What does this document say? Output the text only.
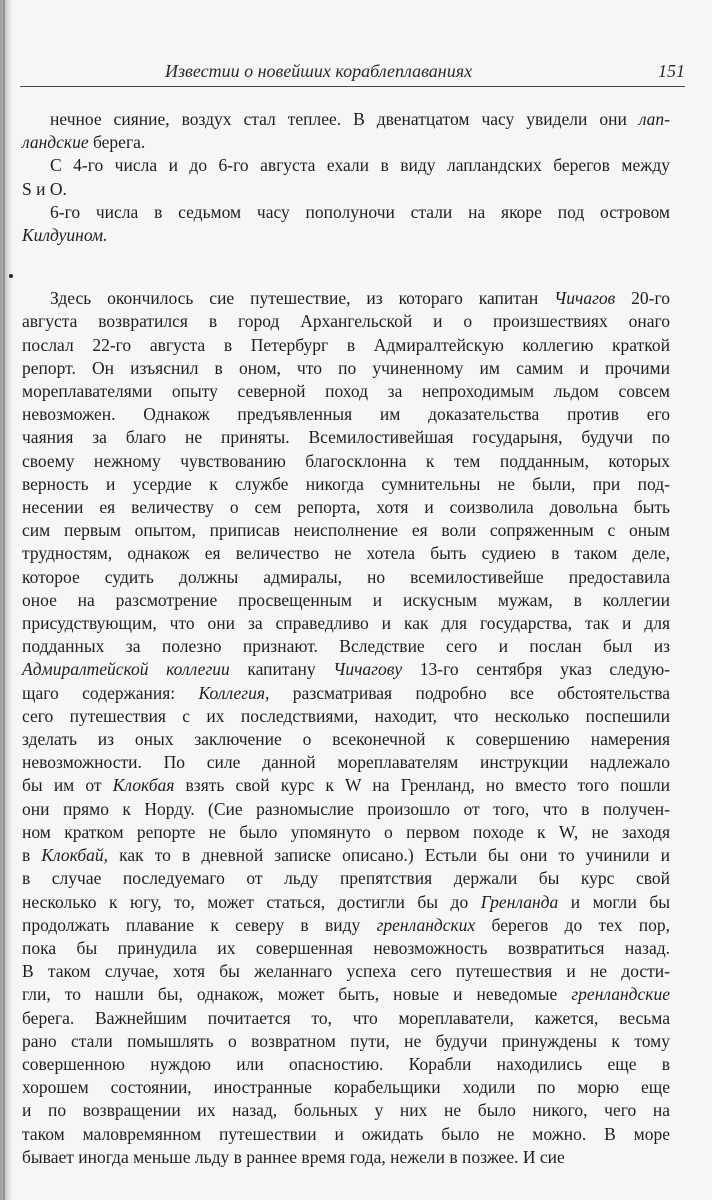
Известии о новейших кораблеплаваниях	151
нечное сияние, воздух стал теплее. В двенатцатом часу увидели они лап-
ландские берега.
С 4-го числа и до 6-го августа ехали в виду лапландских берегов между
S и O.
6-го числа в седьмом часу пополуночи стали на якоре под островом
Килдуином.
Здесь окончилось сие путешествие, из котораго капитан Чичагов 20-го
августа возвратился в город Архангельской и о произшествиях онаго
послал 22-го августа в Петербург в Адмиралтейскую коллегию краткой
репорт. Он изъяснил в оном, что по учиненному им самим и прочими
мореплавателями опыту северной поход за непроходимым льдом совсем
невозможен. Однакож предъявленныя им доказательства против его
чаяния за благо не приняты. Всемилостивейшая государыня, будучи по
своему нежному чувствованию благосклонна к тем подданным, которых
верность и усердие к службе никогда сумнительны не были, при под-
несении ея величеству о сем репорта, хотя и соизволила довольна быть
сим первым опытом, приписав неисполнение ея воли сопряженным с оным
трудностям, однакож ея величество не хотела быть судиею в таком деле,
которое судить должны адмиралы, но всемилостивейше предоставила
оное на разсмотрение просвещенным и искусным мужам, в коллегии
присудствующим, что они за справедливо и как для государства, так и для
подданных за полезно признают. Вследствие сего и послан был из
Адмиралтейской коллегии капитану Чичагову 13-го сентября указ следую-
щаго содержания: Коллегия, разсматривая подробно все обстоятельства
сего путешествия с их последствиями, находит, что несколько поспешили
зделать из оных заключение о всеконечной к совершению намерения
невозможности. По силе данной мореплавателям инструкции надлежало
бы им от Клокбая взять свой курс к W на Гренланд, но вместо того пошли
они прямо к Норду. (Сие разномыслие произошло от того, что в получен-
ном кратком репорте не было упомянуто о первом походе к W, не заходя
в Клокбай, как то в дневной записке описано.) Естьли бы они то учинили и
в случае последуемаго от льду препятствия держали бы курс свой
несколько к югу, то, может статься, достигли бы до Гренланда и могли бы
продолжать плавание к северу в виду гренландских берегов до тех пор,
пока бы принудила их совершенная невозможность возвратиться назад.
В таком случае, хотя бы желаннаго успеха сего путешествия и не дости-
гли, то нашли бы, однакож, может быть, новые и неведомые гренландские
берега. Важнейшим почитается то, что мореплаватели, кажется, весьма
рано стали помышлять о возвратном пути, не будучи принуждены к тому
совершенною нуждою или опасностию. Корабли находились еще в
хорошем состоянии, иностранные корабельщики ходили по морю еще
и по возвращении их назад, больных у них не было никого, чего на
таком маловремянном путешествии и ожидать было не можно. В море
бывает иногда меньше льду в раннее время года, нежели в позжее. И сие
